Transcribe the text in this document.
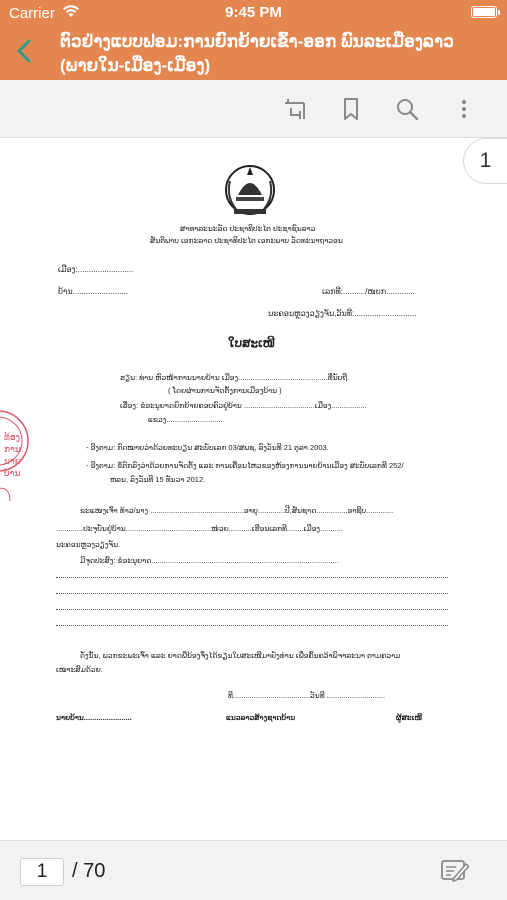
Carrier	9:45 PM
ຕົວຢ່າງແບບຟອມ:ການຍົກຍ້າຍເຂົ້າ-ອອກ ພົນລະເມືອງລາວ (ພາຍໃນ-ເມືອງ-ເມືອງ)
ສາທາລະນະລັດ ປະຊາທິປະໄຕ ປະຊາຊົນລາວ
ສັນຕິພາບ ເອກະລາດ ປະຊາທິປະໄຕ ເອກະພາບ ວັດທະນາຖາວອນ
ເມືອງ:.........................
ບ້ານ.........................	ເລກທີ:........../ໜບກ.............
ນະຄອນຫຼວງວຽງຈັນ,ວັນທີ:............................
ໃບສະເໜີ
ຮຽນ: ທ່ານ ຫົວໜ້າການນາຍບ້ານ ເມືອງ...........................................ທີ່ນັບຖື.
( ໂດຍຜ່ານການຈັດຕັ້ງການເມືອງບ້ານ )
ເລື່ອງ: ຂໍອະນຸຍາດຍົກຍ້າຍຄອບຄົວຢູ່ບ້ານ ..................................ເມືອງ.................
ແຂວງ...........................
- ອີງຕາມ: ກົດໝາຍວ່າດ້ວຍທະບຽນ ສະບັບເລກ 03/ສພຊ, ລົງວັນທີ 21 ຕຸລາ 2003.
- ອີງຕາມ: ຂໍ້ຕົກລົງວ່າດ້ວຍການຈັດຕັ້ງ ແລະ ການເຄື່ອນໄຫວຂອງຫ້ອງການນາຍບ້ານເມືອງ ສະບັບເລກທີ 252/
ຫລນ, ລົງວັນທີ 15 ທັນວາ 2012.
ຂະແໜງເຈົ້າ ທ້າວ/ນາງ .............................................ອາຍຸ.............ປີ,ສັນຊາດ...............ອາຊີບ.............
.............ປະຈຸບັນຢູ່ບ້ານ.........................................ໜ່ວຍ...........ເຮືອນເລກທີ........ເມືອງ...........
ນະຄອນຫຼວງວຽງຈັນ.
ມີຈຸດປະສົງ: ຂໍອະນຸຍາດ..........................................................................................
ດັ່ງນັ້ນ, ພວກຂະພະເຈົ້າ ແລະ ຍາດພີ່ນ້ອງຈຶ່ງໄດ້ຂຽນໃບສະເໜີມາຍັງທ່ານ ເພື່ອຄົ້ນຄວ້າພິຈາລະນາ ຕາມຄວາມ
ເໝາະສົມດ້ວຍ.
ທີ.....................................ວັນທີ ............................
ນາຍບ້ານ.......................	ແນວລາວສ້າງຊາດບ້ານ	ຜູ້ສະເໜີ
ທ້ອງການ ນາຍບ້ານ
1
1	/ 70
